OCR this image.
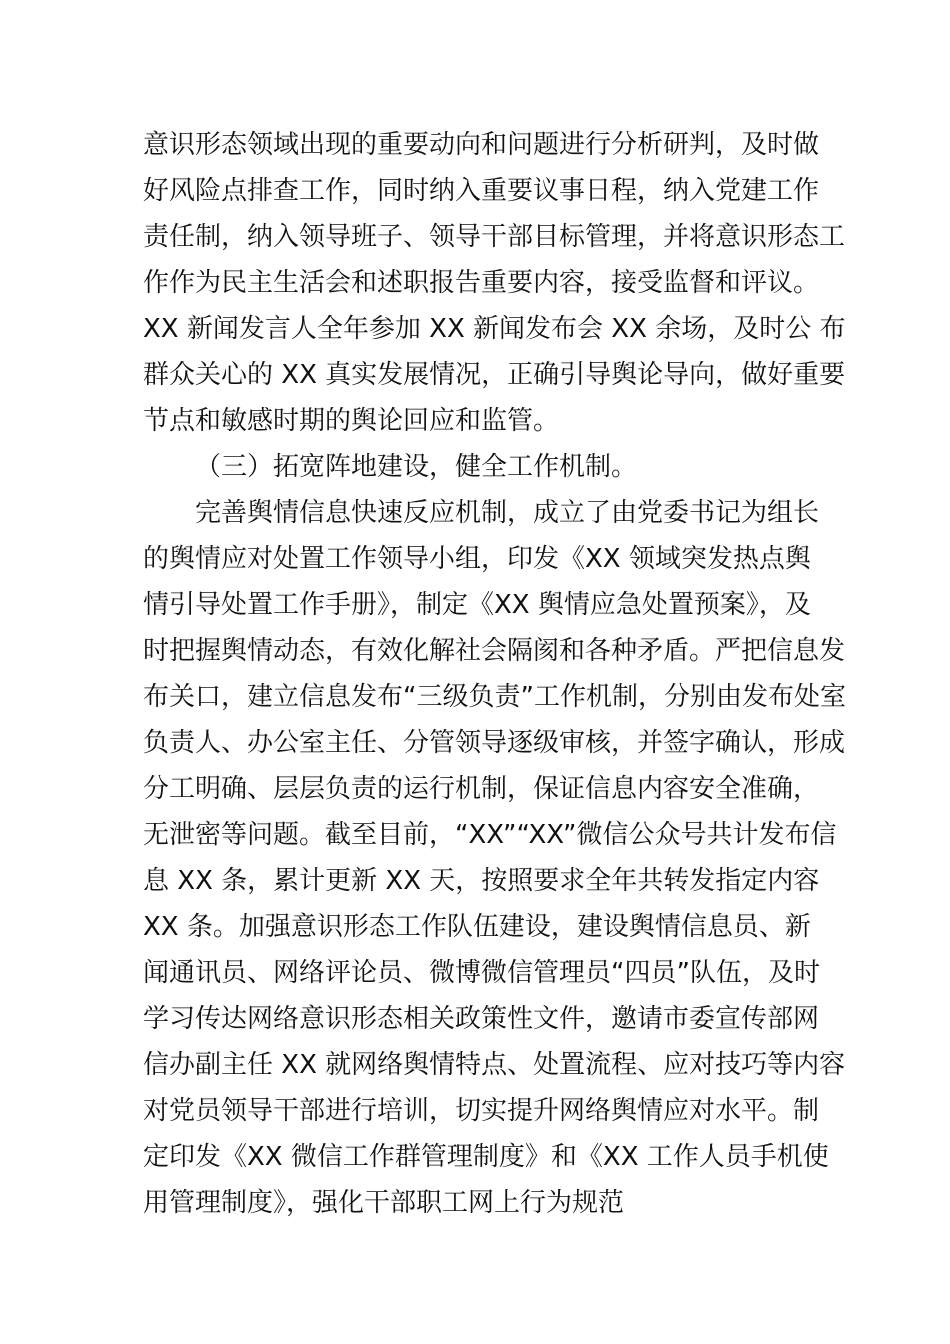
意识形态领域出现的重要动向和问题进行分析研判，及时做
好风险点排查工作，同时纳入重要议事日程，纳入党建工作
责任制，纳入领导班子、领导干部目标管理，并将意识形态工
作作为民主生活会和述职报告重要内容，接受监督和评议。
XX 新闻发言人全年参加 XX 新闻发布会 XX 余场，及时公 布
群众关心的 XX 真实发展情况，正确引导舆论导向，做好重要
节点和敏感时期的舆论回应和监管。
（三）拓宽阵地建设，健全工作机制。
完善舆情信息快速反应机制，成立了由党委书记为组长
的舆情应对处置工作领导小组，印发《XX 领域突发热点舆
情引导处置工作手册》，制定《XX 舆情应急处置预案》，及
时把握舆情动态，有效化解社会隔阂和各种矛盾。严把信息发
布关口，建立信息发布“三级负责”工作机制，分别由发布处室
负责人、办公室主任、分管领导逐级审核，并签字确认，形成
分工明确、层层负责的运行机制，保证信息内容安全准确，
无泄密等问题。截至目前，“XX”“XX”微信公众号共计发布信
息 XX 条，累计更新 XX 天，按照要求全年共转发指定内容
XX 条。加强意识形态工作队伍建设，建设舆情信息员、新
闻通讯员、网络评论员、微博微信管理员“四员”队伍，及时
学习传达网络意识形态相关政策性文件，邀请市委宣传部网
信办副主任 XX 就网络舆情特点、处置流程、应对技巧等内容
对党员领导干部进行培训，切实提升网络舆情应对水平。制
定印发《XX 微信工作群管理制度》和《XX 工作人员手机使
用管理制度》，强化干部职工网上行为规范
